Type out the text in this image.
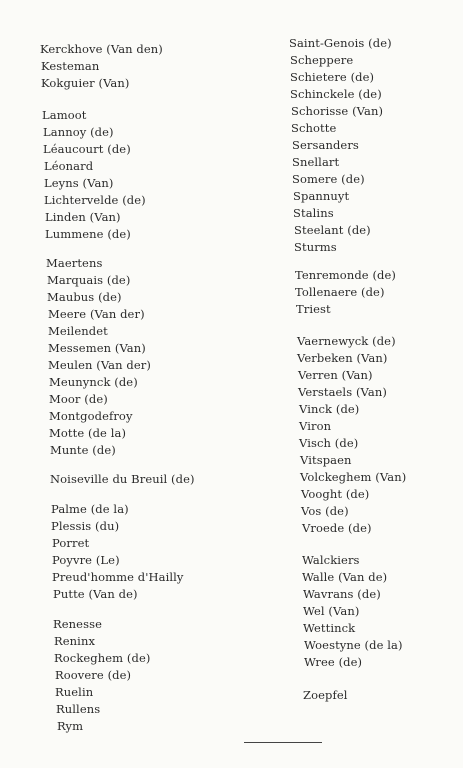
Kerckhove (Van den)
Kesteman
Kokguier (Van)
Lamoot
Lannoy (de)
Léaucourt (de)
Léonard
Leyns (Van)
Lichtervelde (de)
Linden (Van)
Lummene (de)
Maertens
Marquais (de)
Maubus (de)
Meere (Van der)
Meilendet
Messemen (Van)
Meulen (Van der)
Meunynck (de)
Moor (de)
Montgodefroy
Motte (de la)
Munte (de)
Noiseville du Breuil (de)
Palme (de la)
Plessis (du)
Porret
Poyvre (Le)
Preud'homme d'Hailly
Putte (Van de)
Renesse
Reninx
Rockeghem (de)
Roovere (de)
Ruelin
Rullens
Rym
Saint-Genois (de)
Scheppere
Schietere (de)
Schinckele (de)
Schorisse (Van)
Schotte
Sersanders
Snellart
Somere (de)
Spannuyt
Stalins
Steelant (de)
Sturms
Tenremonde (de)
Tollenaere (de)
Triest
Vaernewyck (de)
Verbeken (Van)
Verren (Van)
Verstaels (Van)
Vinck (de)
Viron
Visch (de)
Vitspaen
Volckeghem (Van)
Vooght (de)
Vos (de)
Vroede (de)
Walckiers
Walle (Van de)
Wavrans (de)
Wel (Van)
Wettinck
Woestyne (de la)
Wree (de)
Zoepfel
